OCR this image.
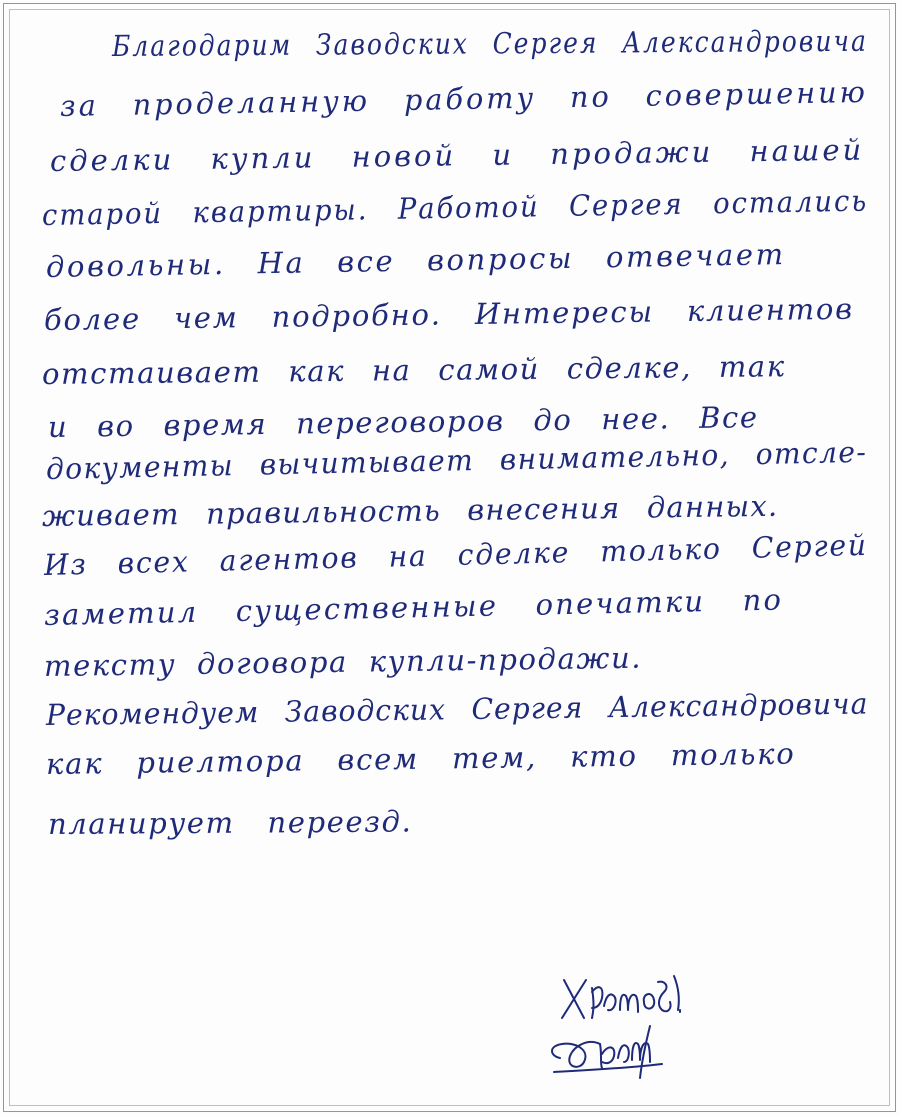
Благодарим Заводских Сергея Александровича
за проделанную работу по совершению
сделки купли новой и продажи нашей
старой квартиры. Работой Сергея остались
довольны. На все вопросы отвечает
более чем подробно. Интересы клиентов
отстаивает как на самой сделке, так
и во время переговоров до нее. Все
документы вычитывает внимательно, отсле-
живает правильность внесения данных.
Из всех агентов на сделке только Сергей
заметил существенные опечатки по
тексту договора купли-продажи.
Рекомендуем Заводских Сергея Александровича
как риелтора всем тем, кто только
планирует переезд.
